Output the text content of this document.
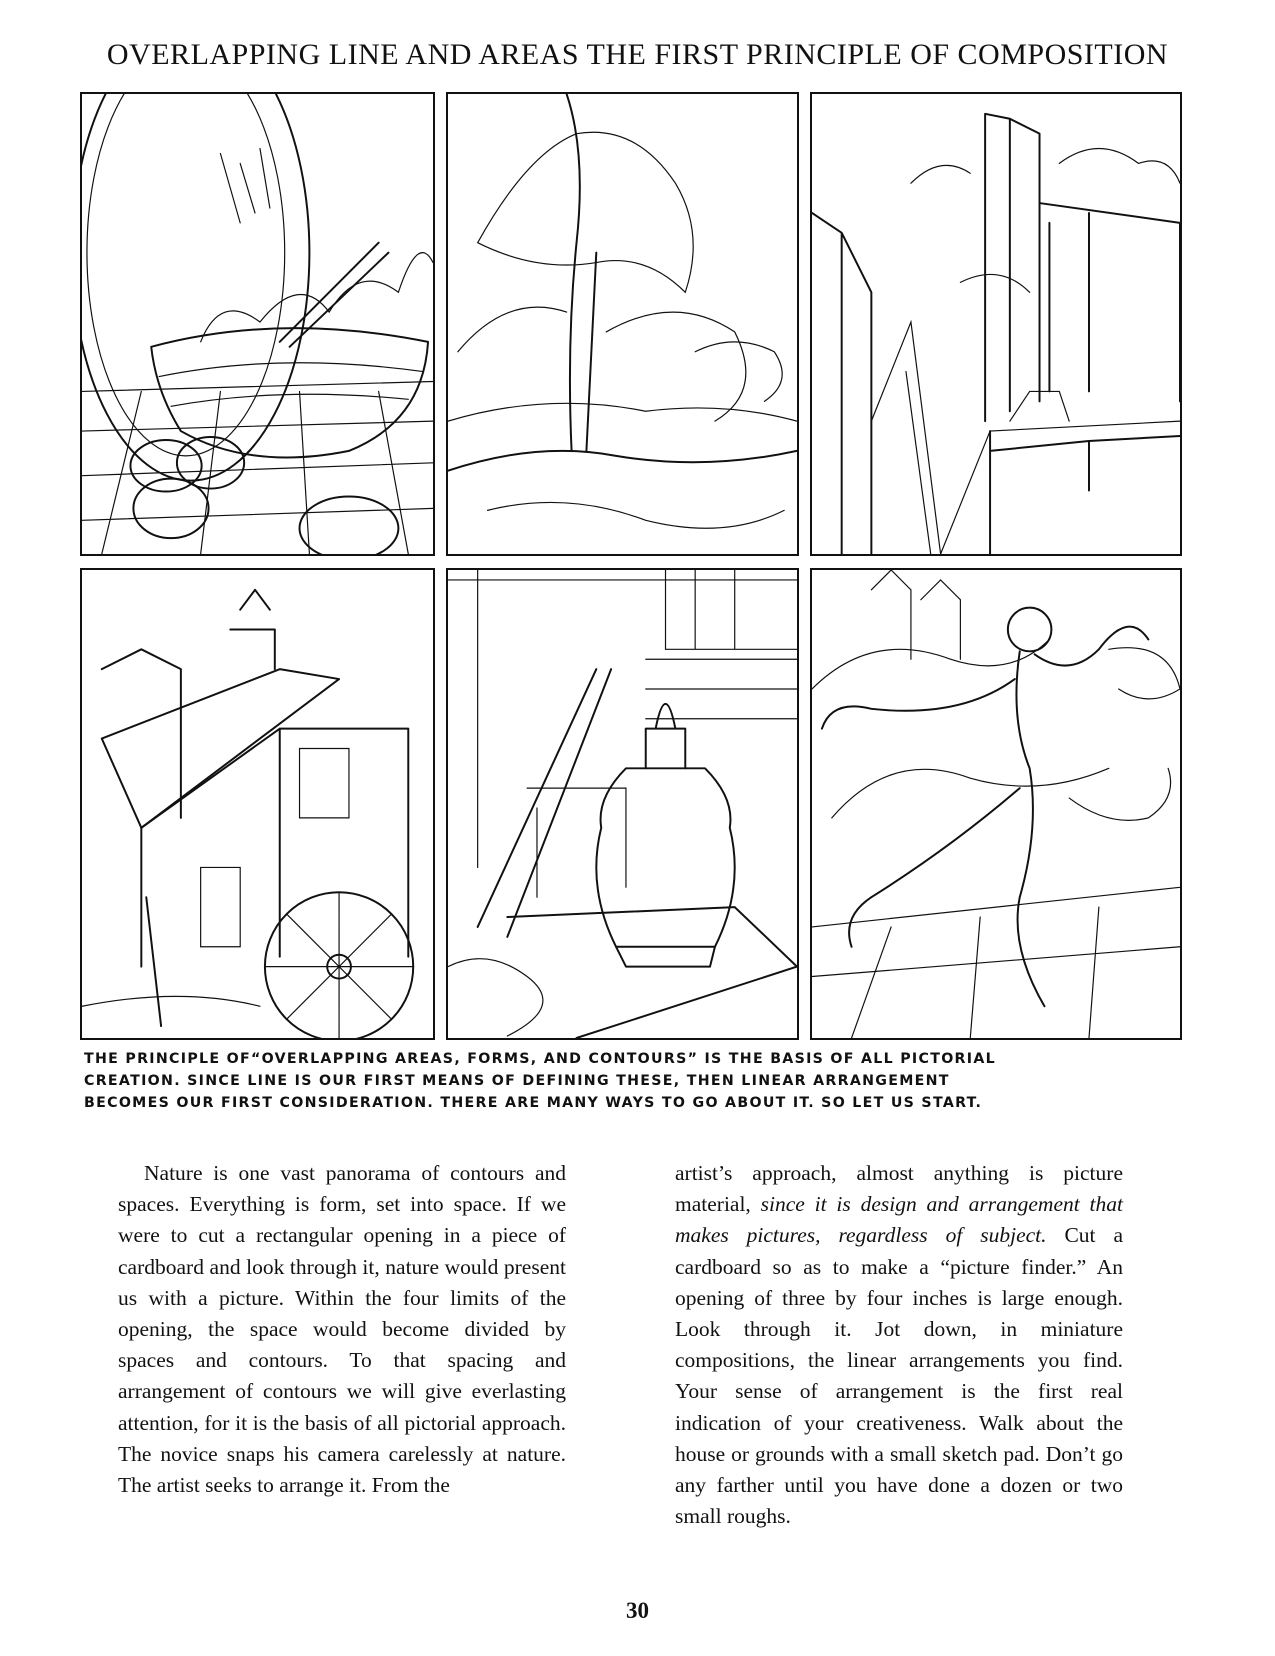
OVERLAPPING LINE AND AREAS THE FIRST PRINCIPLE OF COMPOSITION
THE PRINCIPLE OF“OVERLAPPING AREAS, FORMS, AND CONTOURS” IS THE BASIS OF ALL PICTORIAL
CREATION. SINCE LINE IS OUR FIRST MEANS OF DEFINING THESE, THEN LINEAR ARRANGEMENT
BECOMES OUR FIRST CONSIDERATION. THERE ARE MANY WAYS TO GO ABOUT IT. SO LET US START.

Nature is one vast panorama of contours and spaces. Everything is form, set into space. If we were to cut a rectangular opening in a piece of cardboard and look through it, nature would present us with a picture. Within the four limits of the opening, the space would become divided by spaces and contours. To that spacing and arrangement of contours we will give everlasting attention, for it is the basis of all pictorial approach. The novice snaps his camera carelessly at nature. The artist seeks to arrange it. From the

artist’s approach, almost anything is picture material, since it is design and arrangement that makes pictures, regardless of subject. Cut a cardboard so as to make a “picture finder.” An opening of three by four inches is large enough. Look through it. Jot down, in miniature compositions, the linear arrangements you find. Your sense of arrangement is the first real indication of your creativeness. Walk about the house or grounds with a small sketch pad. Don’t go any farther until you have done a dozen or two small roughs.

30
